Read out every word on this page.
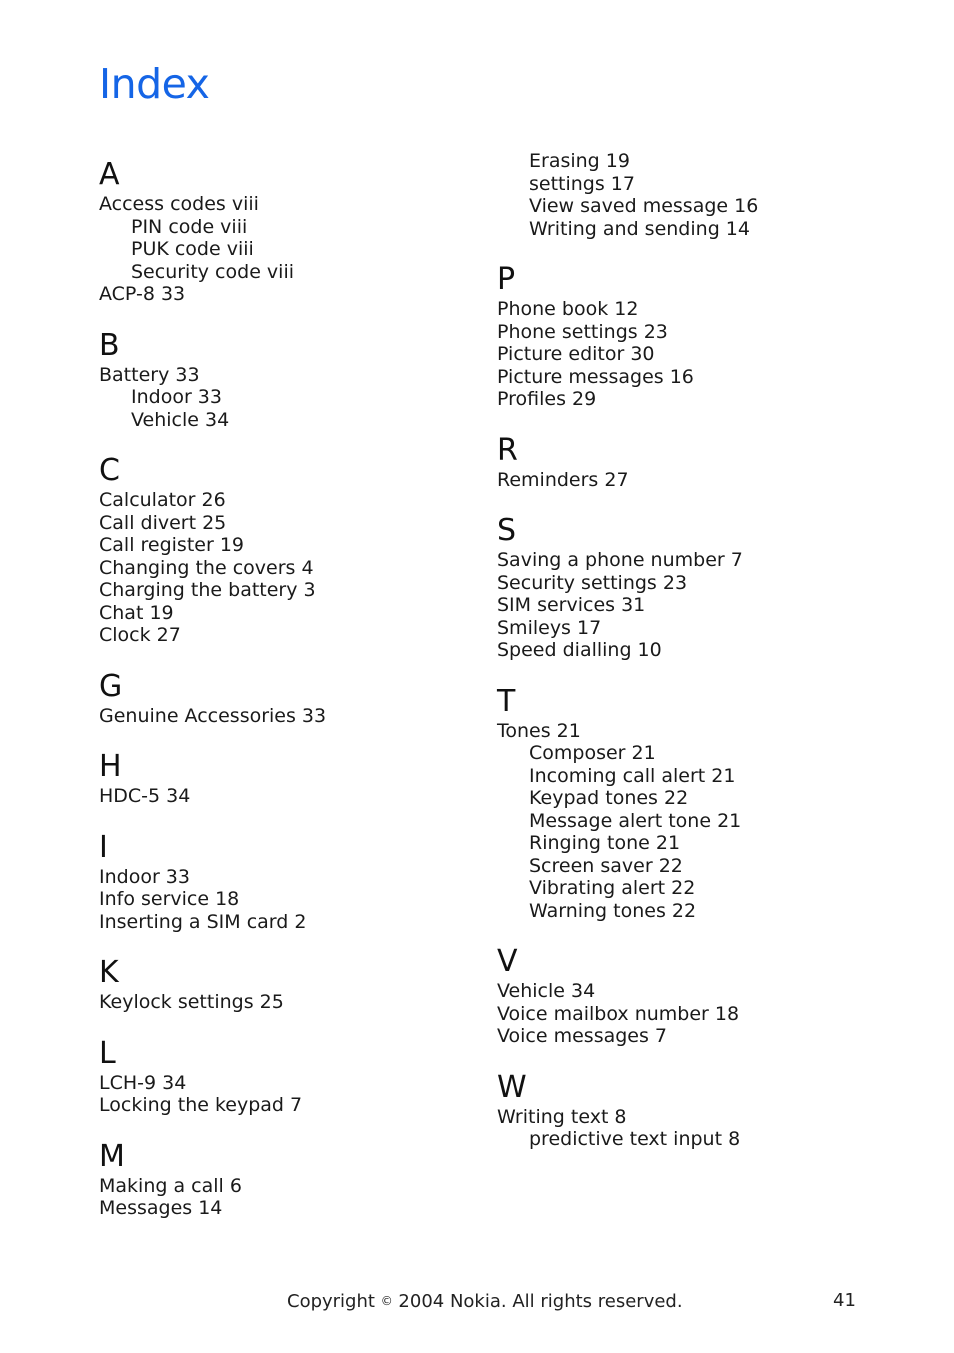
Index
A
Access codes viii
PIN code viii
PUK code viii
Security code viii
ACP-8 33
B
Battery 33
Indoor 33
Vehicle 34
C
Calculator 26
Call divert 25
Call register 19
Changing the covers 4
Charging the battery 3
Chat 19
Clock 27
G
Genuine Accessories 33
H
HDC-5 34
I
Indoor 33
Info service 18
Inserting a SIM card 2
K
Keylock settings 25
L
LCH-9 34
Locking the keypad 7
M
Making a call 6
Messages 14
Erasing 19
settings 17
View saved message 16
Writing and sending 14
P
Phone book 12
Phone settings 23
Picture editor 30
Picture messages 16
Profiles 29
R
Reminders 27
S
Saving a phone number 7
Security settings 23
SIM services 31
Smileys 17
Speed dialling 10
T
Tones 21
Composer 21
Incoming call alert 21
Keypad tones 22
Message alert tone 21
Ringing tone 21
Screen saver 22
Vibrating alert 22
Warning tones 22
V
Vehicle 34
Voice mailbox number 18
Voice messages 7
W
Writing text 8
predictive text input 8
Copyright © 2004 Nokia. All rights reserved.	41
